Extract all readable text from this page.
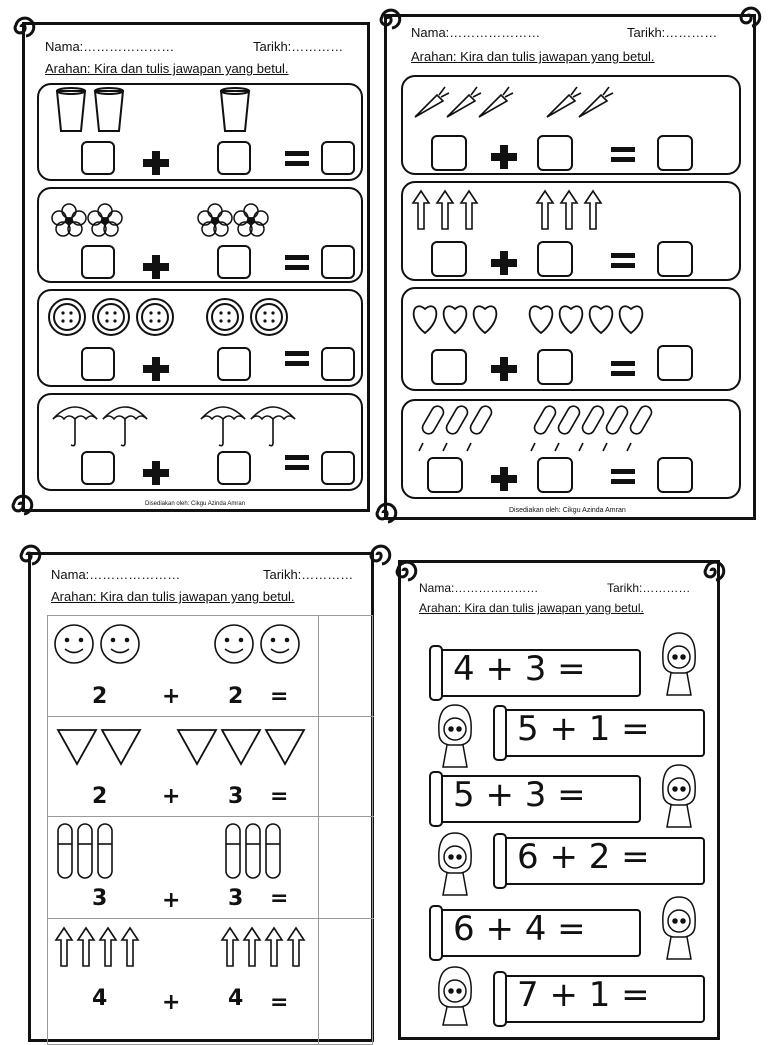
Nama:…………………	Tarikh:…………
Arahan: Kira dan tulis jawapan yang betul.
Disediakan oleh: Cikgu Azinda Amran
Nama:…………………	Tarikh:…………
Arahan: Kira dan tulis jawapan yang betul.
Disediakan oleh: Cikgu Azinda Amran
Nama:…………………	Tarikh:…………
Arahan: Kira dan tulis jawapan yang betul.
2 + 2 =
2 + 3 =
3 + 3 =
4 + 4 =
Nama:…………………	Tarikh:…………
Arahan: Kira dan tulis jawapan yang betul.
4 + 3 =
5 + 1 =
5 + 3 =
6 + 2 =
6 + 4 =
7 + 1 =
